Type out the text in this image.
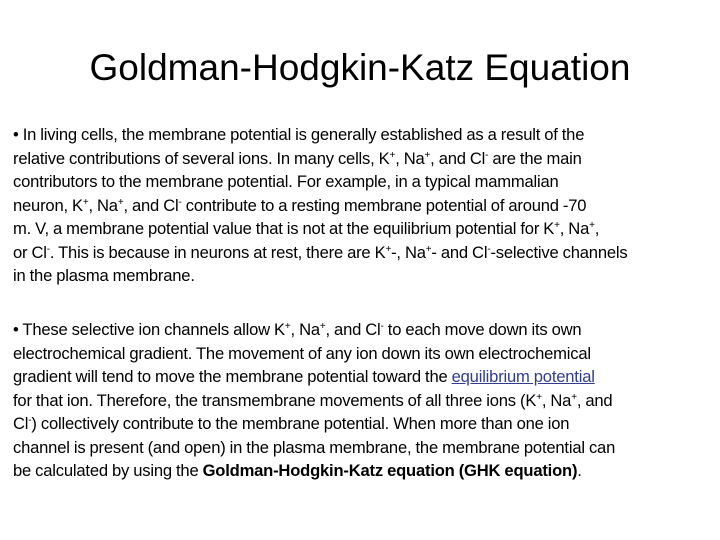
Goldman-Hodgkin-Katz Equation
• In living cells, the membrane potential is generally established as a result of the
relative contributions of several ions. In many cells, K+, Na+, and Cl- are the main
contributors to the membrane potential. For example, in a typical mammalian
neuron, K+, Na+, and Cl- contribute to a resting membrane potential of around -70
m. V, a membrane potential value that is not at the equilibrium potential for K+, Na+,
or Cl-. This is because in neurons at rest, there are K+-, Na+- and Cl--selective channels
in the plasma membrane.
• These selective ion channels allow K+, Na+, and Cl- to each move down its own
electrochemical gradient. The movement of any ion down its own electrochemical
gradient will tend to move the membrane potential toward the equilibrium potential
for that ion. Therefore, the transmembrane movements of all three ions (K+, Na+, and
Cl-) collectively contribute to the membrane potential. When more than one ion
channel is present (and open) in the plasma membrane, the membrane potential can
be calculated by using the Goldman-Hodgkin-Katz equation (GHK equation).
